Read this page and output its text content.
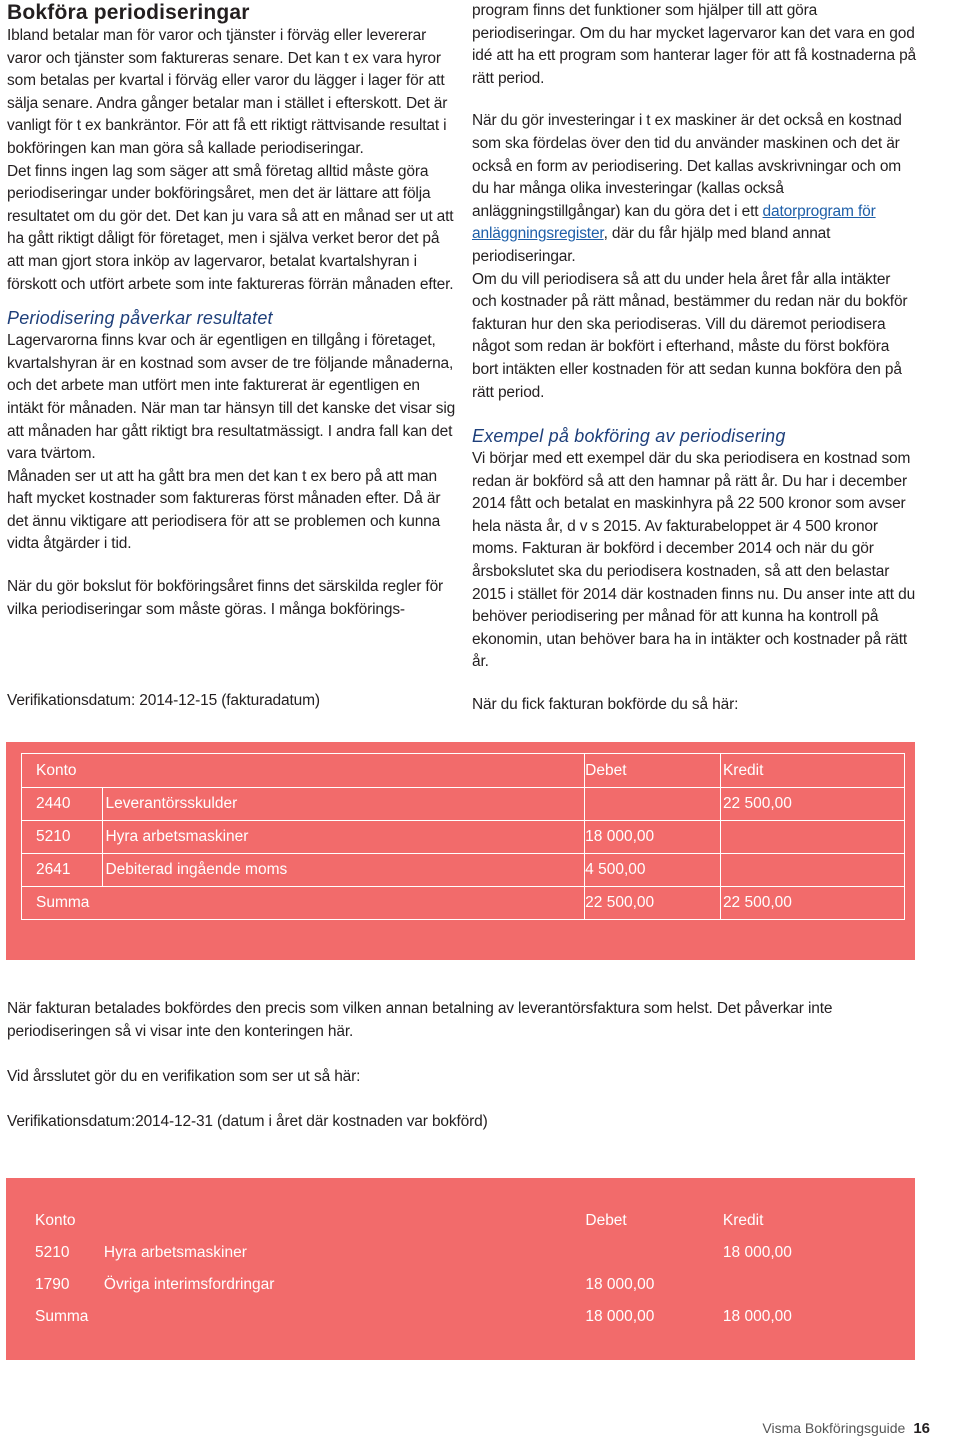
Bokföra periodiseringar

Ibland betalar man för varor och tjänster i förväg eller levererar varor och tjänster som faktureras senare. Det kan t ex vara hyror som betalas per kvartal i förväg eller varor du lägger i lager för att sälja senare. Andra gånger betalar man i stället i efterskott. Det är vanligt för t ex bankräntor. För att få ett riktigt rättvisande resultat i bokföringen kan man göra så kallade periodiseringar.

Det finns ingen lag som säger att små företag alltid måste göra periodiseringar under bokföringsåret, men det är lättare att följa resultatet om du gör det. Det kan ju vara så att en månad ser ut att ha gått riktigt dåligt för företaget, men i själva verket beror det på att man gjort stora inköp av lagervaror, betalat kvartalshyran i förskott och utfört arbete som inte faktureras förrän månaden efter.

Periodisering påverkar resultatet

Lagervarorna finns kvar och är egentligen en tillgång i företaget, kvartalshyran är en kostnad som avser de tre följande månaderna, och det arbete man utfört men inte fakturerat är egentligen en intäkt för månaden. När man tar hänsyn till det kanske det visar sig att månaden har gått riktigt bra resultatmässigt. I andra fall kan det vara tvärtom.

Månaden ser ut att ha gått bra men det kan t ex bero på att man haft mycket kostnader som faktureras först månaden efter. Då är det ännu viktigare att periodisera för att se problemen och kunna vidta åtgärder i tid.

När du gör bokslut för bokföringsåret finns det särskilda regler för vilka periodiseringar som måste göras. I många bokförings-

program finns det funktioner som hjälper till att göra periodiseringar. Om du har mycket lagervaror kan det vara en god idé att ha ett program som hanterar lager för att få kostnaderna på rätt period.

När du gör investeringar i t ex maskiner är det också en kostnad som ska fördelas över den tid du använder maskinen och det är också en form av periodisering. Det kallas avskrivningar och om du har många olika investeringar (kallas också anläggningstillgångar) kan du göra det i ett datorprogram för anläggningsregister, där du får hjälp med bland annat periodiseringar.

Om du vill periodisera så att du under hela året får alla intäkter och kostnader på rätt månad, bestämmer du redan när du bokför fakturan hur den ska periodiseras. Vill du däremot periodisera något som redan är bokfört i efterhand, måste du först bokföra bort intäkten eller kostnaden för att sedan kunna bokföra den på rätt period.

Exempel på bokföring av periodisering

Vi börjar med ett exempel där du ska periodisera en kostnad som redan är bokförd så att den hamnar på rätt år. Du har i december 2014 fått och betalat en maskinhyra på 22 500 kronor som avser hela nästa år, d v s 2015. Av fakturabeloppet är 4 500 kronor moms. Fakturan är bokförd i december 2014 och när du gör årsbokslutet ska du periodisera kostnaden, så att den belastar 2015 i stället för 2014 där kostnaden finns nu. Du anser inte att du behöver periodisering per månad för att kunna ha kontroll på ekonomin, utan behöver bara ha in intäkter och kostnader på rätt år.

När du fick fakturan bokförde du så här:

Verifikationsdatum: 2014-12-15 (fakturadatum)
Konto		Debet	Kredit
2440	Leverantörsskulder		22 500,00
5210	Hyra arbetsmaskiner	18 000,00	
2641	Debiterad ingående moms	4 500,00	
Summa		22 500,00	22 500,00
När fakturan betalades bokfördes den precis som vilken annan betalning av leverantörsfaktura som helst. Det påverkar inte periodiseringen så vi visar inte den konteringen här.
Vid årsslutet gör du en verifikation som ser ut så här:
Verifikationsdatum:2014-12-31 (datum i året där kostnaden var bokförd)
Konto		Debet	Kredit
5210	Hyra arbetsmaskiner		18 000,00
1790	Övriga interimsfordringar	18 000,00	
Summa		18 000,00	18 000,00
Visma Bokföringsguide 16
